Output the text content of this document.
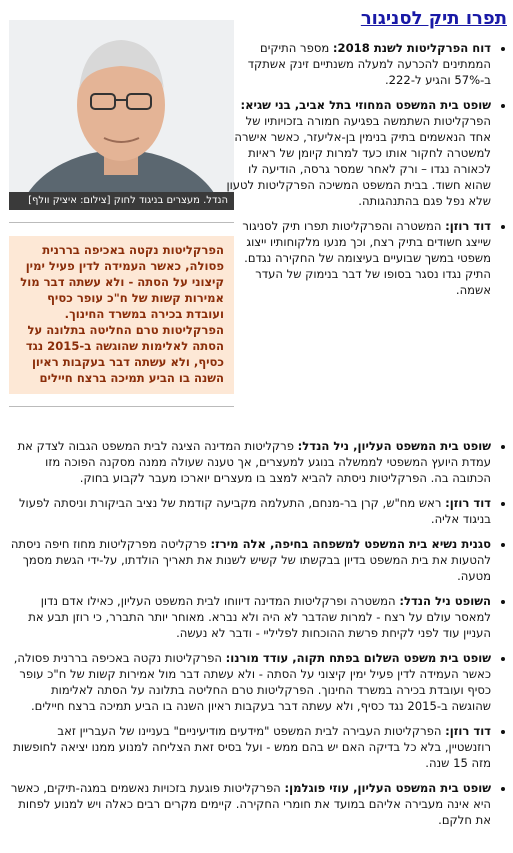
תפרו תיק לסניגור
הנדל. מעצרים בניגוד לחוק [צילום: איציק וולף]
הפרקליטות נקטה באכיפה בררנית פסולה, כאשר העמידה לדין פעיל ימין קיצוני על הסתה - ולא עשתה דבר מול אמירות קשות של ח"כ עופר כסיף ועובדת בכירה במשרד החינוך. הפרקליטות טרם החליטה בתלונה על הסתה לאלימות שהוגשה ב-2015 נגד כסיף, ולא עשתה דבר בעקבות ראיון השנה בו הביע תמיכה ברצח חיילים
• דוח הפרקליטות לשנת 2018: מספר התיקים הממתינים להכרעה למעלה משנתיים זינק אשתקד ב-57% והגיע ל-222.
• שופט בית המשפט המחוזי בתל אביב, בני שגיא: הפרקליטות השתמשה בפגיעה חמורה בזכויותיו של אחד הנאשמים בתיק בנימין בן-אליעזר, כאשר אישרה למשטרה לחקור אותו כעד למרות קיומן של ראיות לכאורה נגדו – ורק לאחר שמסר גרסה, הודיעה לו שהוא חשוד. בבית המשפט המשיכה הפרקליטות לטעון שלא נפל פגם בהתנהגותה.
• דוד רוזן: המשטרה והפרקליטות תפרו תיק לסניגור שייצג חשודים בתיק רצח, וכך מנעו מלקוחותיו ייצוג משפטי במשך שבועיים בעיצומה של החקירה נגדם. התיק נגדו נסגר בסופו של דבר בנימוק של העדר אשמה.
• שופט בית המשפט העליון, ניל הנדל: פרקליטות המדינה הציגה לבית המשפט הגבוה לצדק את עמדת היועץ המשפטי לממשלה בנוגע למעצרים, אך טענה שעולה ממנה מסקנה הפוכה מזו הכתובה בה. הפרקליטות ניסתה להביא למצב בו מעצרים יוארכו מעבר לקבוע בחוק.
• דוד רוזן: ראש מח"ש, קרן בר-מנחם, התעלמה מקביעה קודמת של נציב הביקורת וניסתה לפעול בניגוד אליה.
• סגנית נשיא בית המשפט למשפחה בחיפה, אלה מירז: פרקליטה מפרקליטות מחוז חיפה ניסתה להטעות את בית המשפט בדיון בבקשתו של קשיש לשנות את תאריך הולדתו, על-ידי הגשת מסמך מטעה.
• השופט ניל הנדל: המשטרה ופרקליטות המדינה דיווחו לבית המשפט העליון, כאילו אדם נדון למאסר עולם על רצח - למרות שהדבר לא היה ולא נברא. מאוחר יותר התברר, כי רוזן תבע את העניין עוד לפני לקיחת פרשת ההוכחות לפליליי - ודבר לא נעשה.
• שופט בית משפט השלום בפתח תקוה, עודד מורנו: הפרקליטות נקטה באכיפה בררנית פסולה, כאשר העמידה לדין פעיל ימין קיצוני על הסתה - ולא עשתה דבר מול אמירות קשות של ח"כ עופר כסיף ועובדת בכירה במשרד החינוך. הפרקליטות טרם החליטה בתלונה על הסתה לאלימות שהוגשה ב-2015 נגד כסיף, ולא עשתה דבר בעקבות ראיון השנה בו הביע תמיכה ברצח חיילים.
• דוד רוזן: הפרקליטות העבירה לבית המשפט "מידעים מודיעיניים" בעניינו של העבריין זאב רוזנשטיין, בלא כל בדיקה האם יש בהם ממש - ועל בסיס זאת הצליחה למנוע ממנו יציאה לחופשות מזה 15 שנה.
• שופט בית המשפט העליון, עוזי פוגלמן: הפרקליטות פוגעת בזכויות נאשמים במגה-תיקים, כאשר היא אינה מעבירה אליהם במועד את חומרי החקירה. קיימים מקרים רבים כאלה ויש למנוע לפחות את חלקם.
